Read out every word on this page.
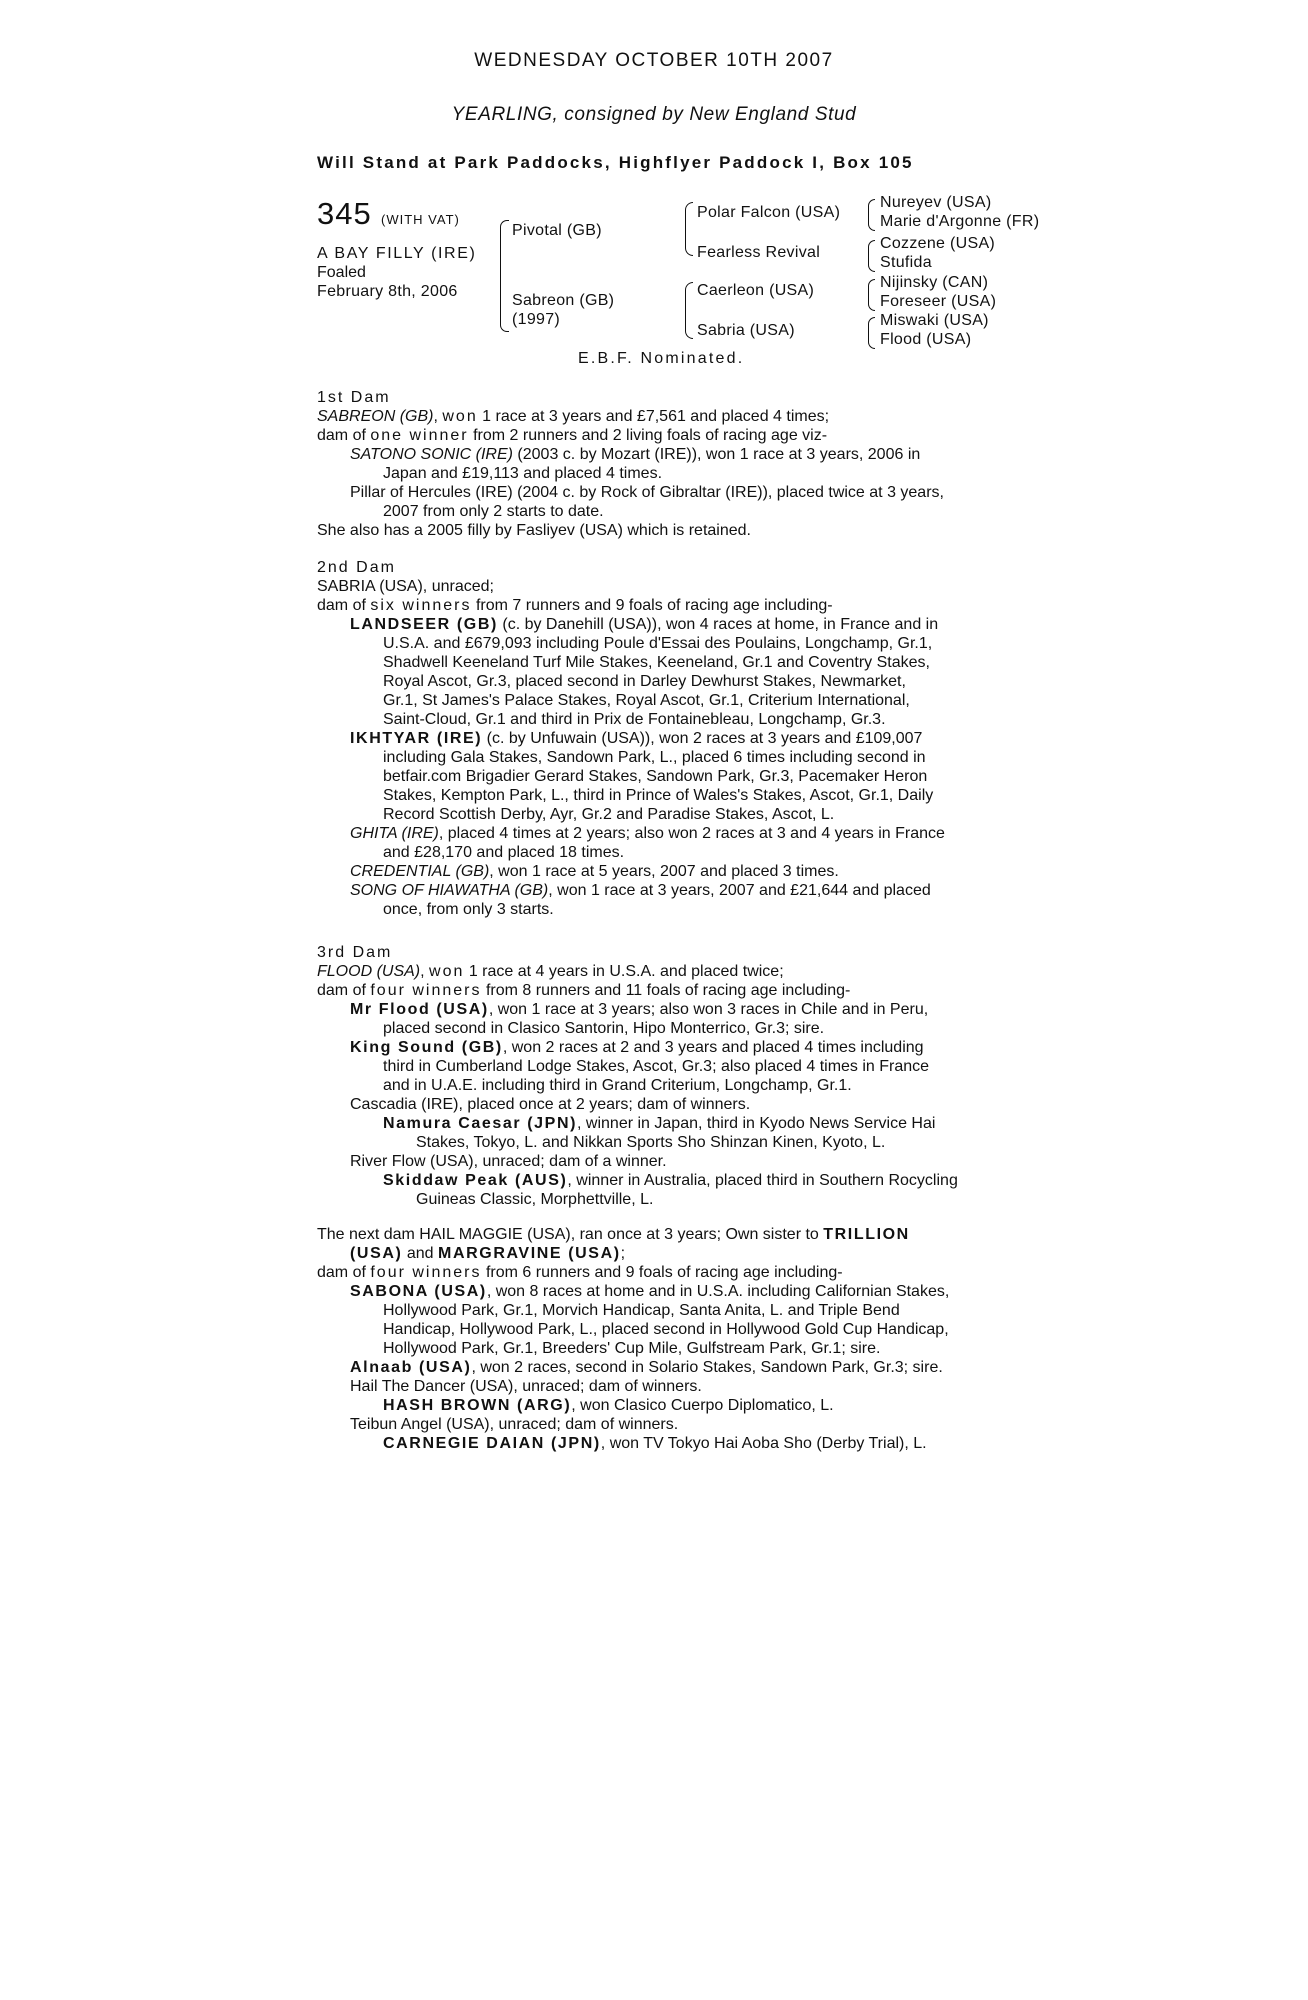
WEDNESDAY OCTOBER 10TH 2007
YEARLING, consigned by New England Stud
Will Stand at Park Paddocks, Highflyer Paddock I, Box 105
345 (WITH VAT)
A BAY FILLY (IRE)
Foaled
February 8th, 2006
Pivotal (GB)
Sabreon (GB)
(1997)
Polar Falcon (USA)
Fearless Revival
Caerleon (USA)
Sabria (USA)
Nureyev (USA)
Marie d'Argonne (FR)
Cozzene (USA)
Stufida
Nijinsky (CAN)
Foreseer (USA)
Miswaki (USA)
Flood (USA)
E.B.F. Nominated.
1st Dam
SABREON (GB), won 1 race at 3 years and £7,561 and placed 4 times;
dam of one winner from 2 runners and 2 living foals of racing age viz-
SATONO SONIC (IRE) (2003 c. by Mozart (IRE)), won 1 race at 3 years, 2006 in
Japan and £19,113 and placed 4 times.
Pillar of Hercules (IRE) (2004 c. by Rock of Gibraltar (IRE)), placed twice at 3 years,
2007 from only 2 starts to date.
She also has a 2005 filly by Fasliyev (USA) which is retained.
2nd Dam
SABRIA (USA), unraced;
dam of six winners from 7 runners and 9 foals of racing age including-
LANDSEER (GB) (c. by Danehill (USA)), won 4 races at home, in France and in
U.S.A. and £679,093 including Poule d'Essai des Poulains, Longchamp, Gr.1,
Shadwell Keeneland Turf Mile Stakes, Keeneland, Gr.1 and Coventry Stakes,
Royal Ascot, Gr.3, placed second in Darley Dewhurst Stakes, Newmarket,
Gr.1, St James's Palace Stakes, Royal Ascot, Gr.1, Criterium International,
Saint-Cloud, Gr.1 and third in Prix de Fontainebleau, Longchamp, Gr.3.
IKHTYAR (IRE) (c. by Unfuwain (USA)), won 2 races at 3 years and £109,007
including Gala Stakes, Sandown Park, L., placed 6 times including second in
betfair.com Brigadier Gerard Stakes, Sandown Park, Gr.3, Pacemaker Heron
Stakes, Kempton Park, L., third in Prince of Wales's Stakes, Ascot, Gr.1, Daily
Record Scottish Derby, Ayr, Gr.2 and Paradise Stakes, Ascot, L.
GHITA (IRE), placed 4 times at 2 years; also won 2 races at 3 and 4 years in France
and £28,170 and placed 18 times.
CREDENTIAL (GB), won 1 race at 5 years, 2007 and placed 3 times.
SONG OF HIAWATHA (GB), won 1 race at 3 years, 2007 and £21,644 and placed
once, from only 3 starts.
3rd Dam
FLOOD (USA), won 1 race at 4 years in U.S.A. and placed twice;
dam of four winners from 8 runners and 11 foals of racing age including-
Mr Flood (USA), won 1 race at 3 years; also won 3 races in Chile and in Peru,
placed second in Clasico Santorin, Hipo Monterrico, Gr.3; sire.
King Sound (GB), won 2 races at 2 and 3 years and placed 4 times including
third in Cumberland Lodge Stakes, Ascot, Gr.3; also placed 4 times in France
and in U.A.E. including third in Grand Criterium, Longchamp, Gr.1.
Cascadia (IRE), placed once at 2 years; dam of winners.
Namura Caesar (JPN), winner in Japan, third in Kyodo News Service Hai
Stakes, Tokyo, L. and Nikkan Sports Sho Shinzan Kinen, Kyoto, L.
River Flow (USA), unraced; dam of a winner.
Skiddaw Peak (AUS), winner in Australia, placed third in Southern Rocycling
Guineas Classic, Morphettville, L.
The next dam HAIL MAGGIE (USA), ran once at 3 years; Own sister to TRILLION
(USA) and MARGRAVINE (USA);
dam of four winners from 6 runners and 9 foals of racing age including-
SABONA (USA), won 8 races at home and in U.S.A. including Californian Stakes,
Hollywood Park, Gr.1, Morvich Handicap, Santa Anita, L. and Triple Bend
Handicap, Hollywood Park, L., placed second in Hollywood Gold Cup Handicap,
Hollywood Park, Gr.1, Breeders' Cup Mile, Gulfstream Park, Gr.1; sire.
Alnaab (USA), won 2 races, second in Solario Stakes, Sandown Park, Gr.3; sire.
Hail The Dancer (USA), unraced; dam of winners.
HASH BROWN (ARG), won Clasico Cuerpo Diplomatico, L.
Teibun Angel (USA), unraced; dam of winners.
CARNEGIE DAIAN (JPN), won TV Tokyo Hai Aoba Sho (Derby Trial), L.
